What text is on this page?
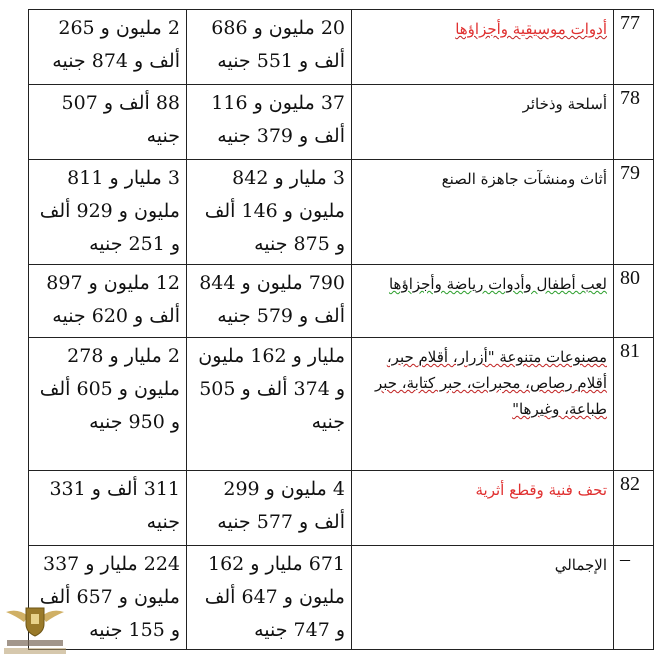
77	أدوات موسيقية وأجزاؤها	20 مليون و 686 ألف و 551 جنيه	2 مليون و 265 ألف و 874 جنيه
78	أسلحة وذخائر	37 مليون و 116 ألف و 379 جنيه	88 ألف و 507 جنيه
79	أثاث ومنشآت جاهزة الصنع	3 مليار و 842 مليون و 146 ألف و 875 جنيه	3 مليار و 811 مليون و 929 ألف و 251 جنيه
80	لعب أطفال وأدوات رياضة وأجزاؤها	790 مليون و 844 ألف و 579 جنيه	12 مليون و 897 ألف و 620 جنيه
81	مصنوعات متنوعة "أزرار، أقلام حبر، أقلام رصاص، محبرات، حبر كتابة، حبر طباعة، وغيرها"	مليار و 162 مليون و 374 ألف و 505 جنيه	2 مليار و 278 مليون و 605 ألف و 950 جنيه
82	تحف فنية وقطع أثرية	4 مليون و 299 ألف و 577 جنيه	311 ألف و 331 جنيه
–	الإجمالي	671 مليار و 162 مليون و 647 ألف و 747 جنيه	224 مليار و 337 مليون و 657 ألف و 155 جنيه
